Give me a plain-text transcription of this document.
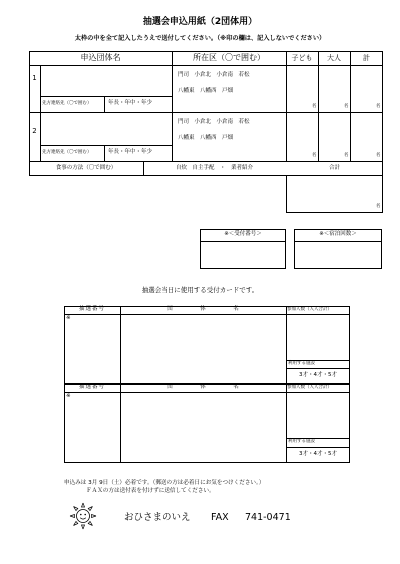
抽選会申込用紙（2団体用）
太枠の中を全て記入したうえで送付してください。（※印の欄は、記入しないでください）
申込団体名	所在区（〇で囲む）	子ども	大人	計
1
先方連絡先（〇で囲む）	年長・年中・年少
門司　小倉北　小倉南　若松
八幡東　八幡西　戸畑
名	名	名
2
先方連絡先（〇で囲む）	年長・年中・年少
門司　小倉北　小倉南　若松
八幡東　八幡西　戸畑
名	名	名
食事の方法（〇で囲む）	自炊　自主手配　・　業者紹介	合計
名
※＜受付番号＞	※＜宿泊回数＞
抽選会当日に使用する受付カードです。
抽選番号
※
団　　　　　体　　　　　名	参加人数（人人合計）
利用する施設
3才・4才・5才
抽選番号
※
団　　　　　体　　　　　名	参加人数（人人合計）
利用する施設
3才・4才・5才
申込みは 3月 9日（土）必着です。（郵送の方は必着日にお気をつけください。）
ＦＡＸの方は送付表を付けずに送信してください。
おひさまのいえ FAX 741-0471
